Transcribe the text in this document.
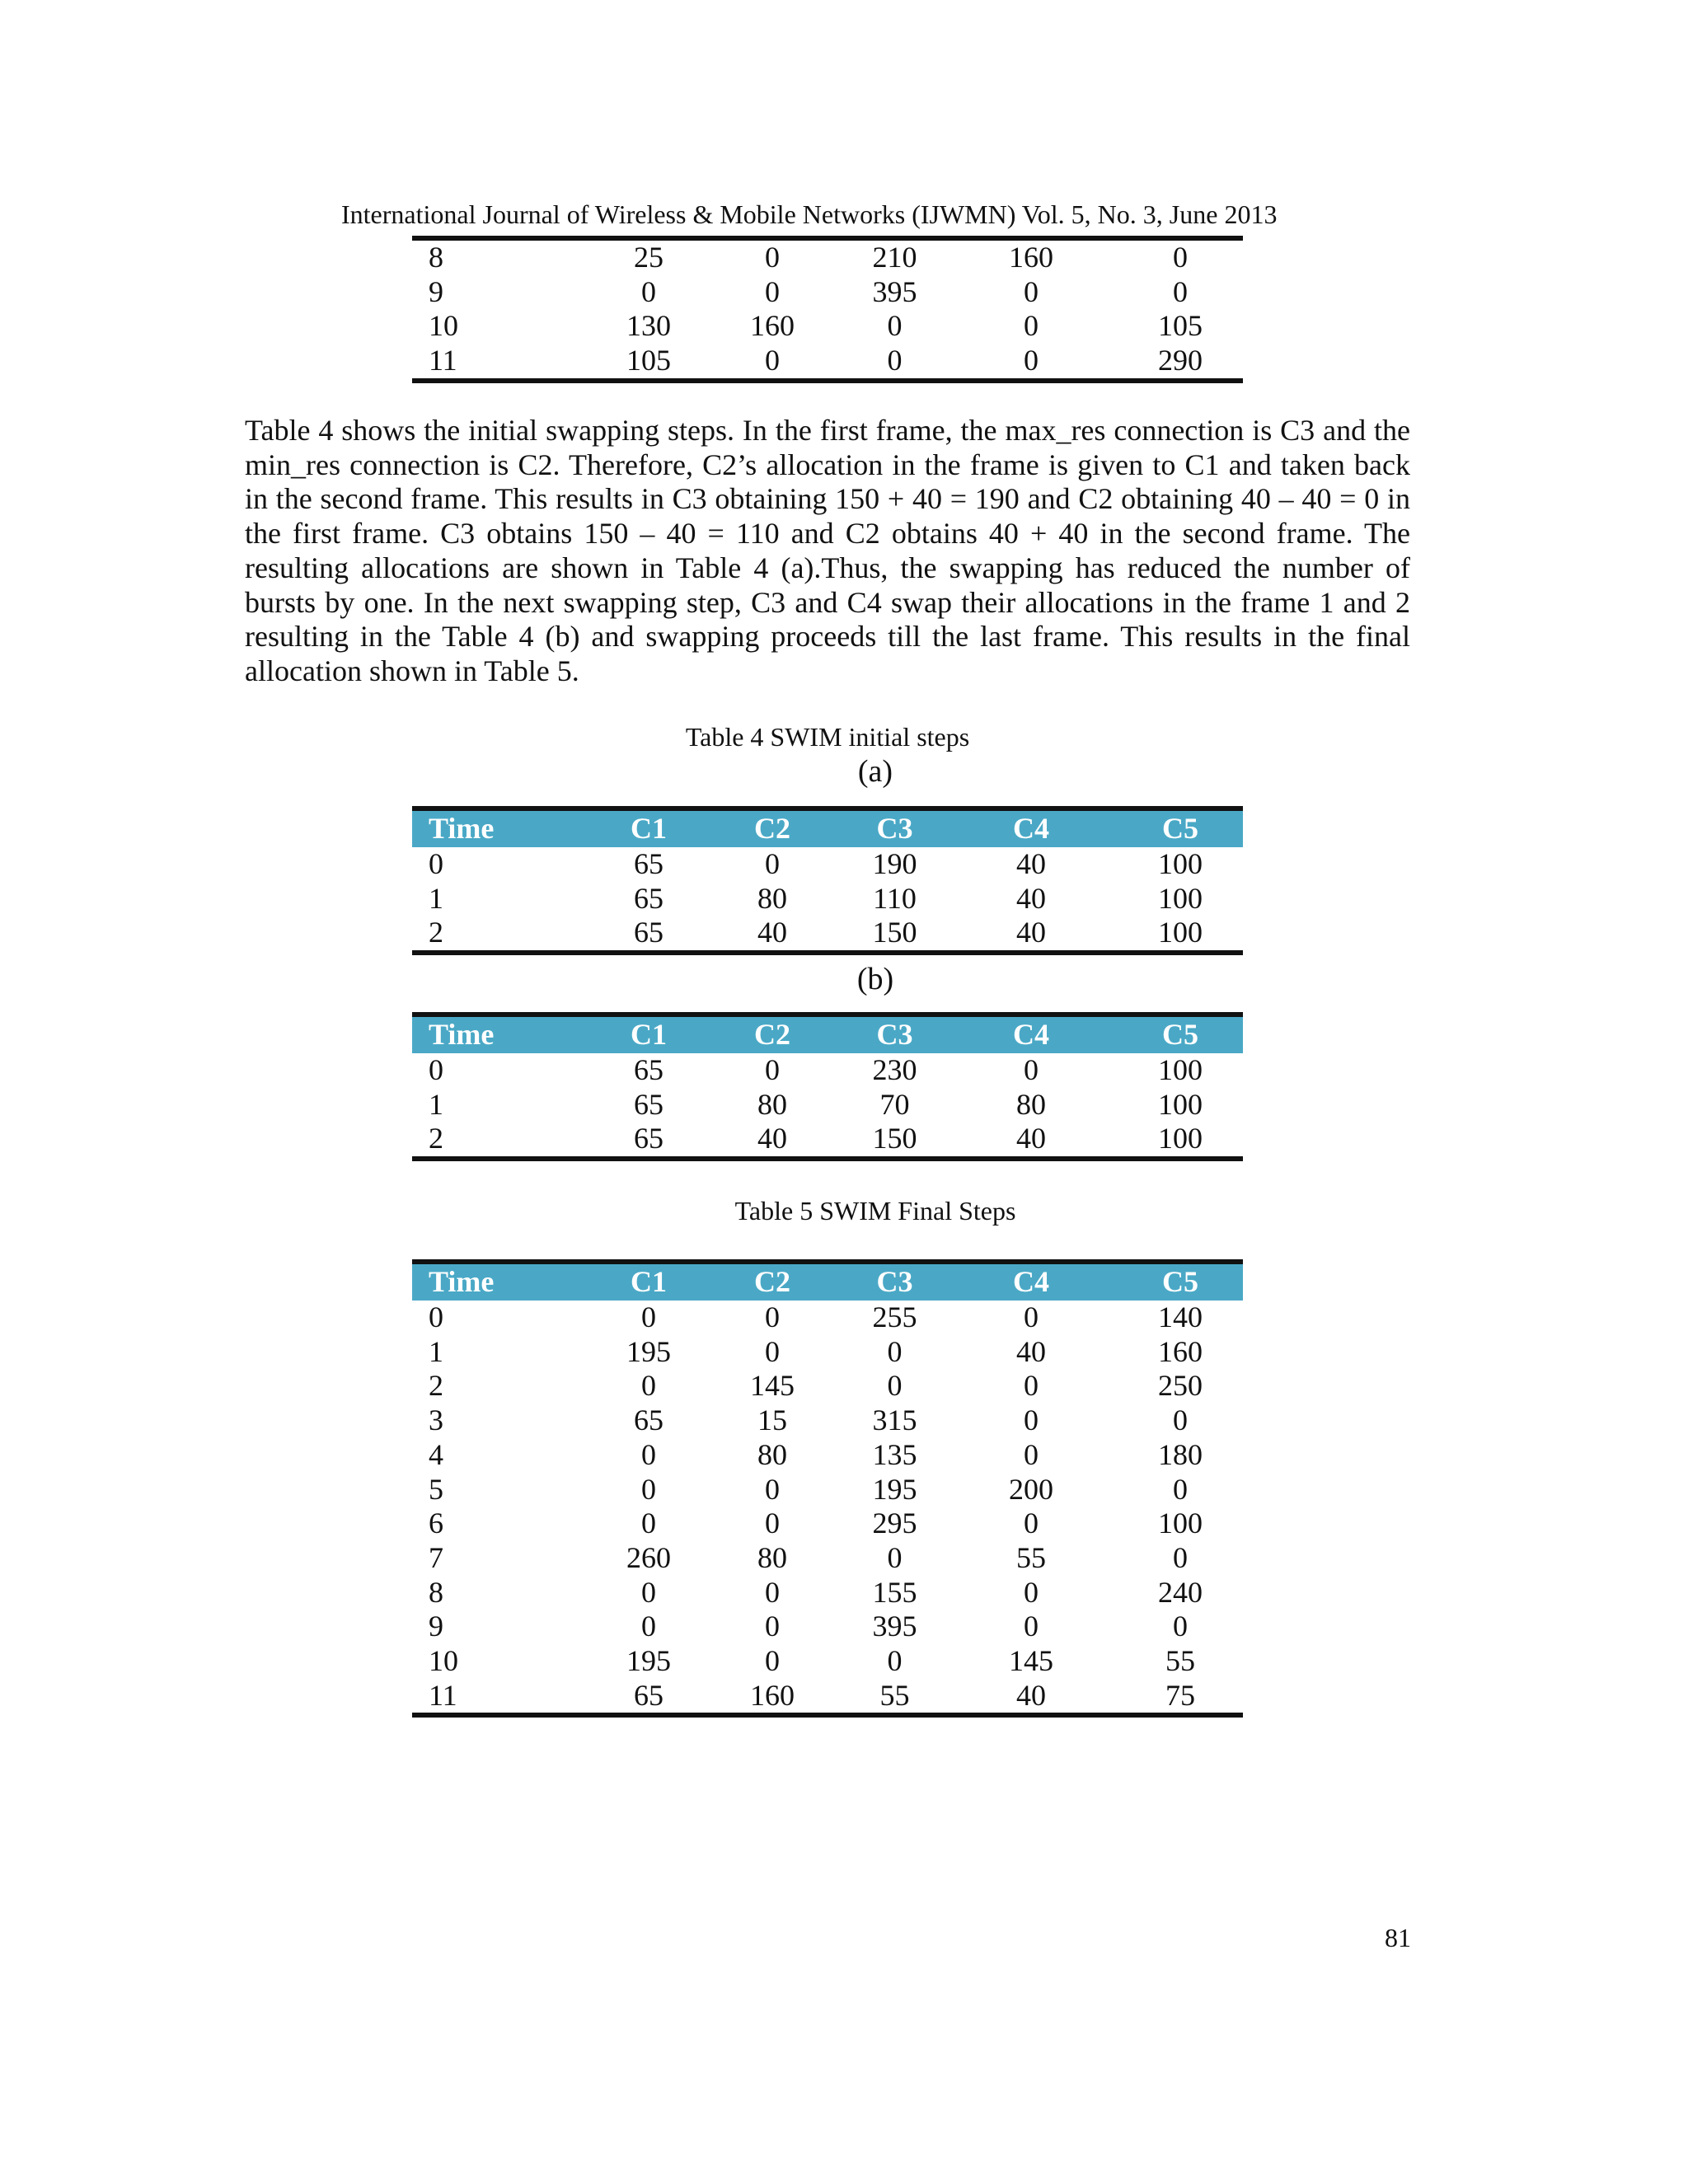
International Journal of Wireless & Mobile Networks (IJWMN) Vol. 5, No. 3, June 2013
8	25	0	210	160	0
9	0	0	395	0	0
10	130	160	0	0	105
11	105	0	0	0	290

Table 4 shows the initial swapping steps. In the first frame, the max_res connection is C3 and the min_res connection is C2. Therefore, C2’s allocation in the frame is given to C1 and taken back in the second frame. This results in C3 obtaining 150 + 40 = 190 and C2 obtaining 40 – 40 = 0 in the first frame. C3 obtains 150 – 40 = 110 and C2 obtains 40 + 40 in the second frame. The resulting allocations are shown in Table 4 (a).Thus, the swapping has reduced the number of bursts by one. In the next swapping step, C3 and C4 swap their allocations in the frame 1 and 2 resulting in the Table 4 (b) and swapping proceeds till the last frame. This results in the final allocation shown in Table 5.

Table 4 SWIM initial steps
(a)
Time	C1	C2	C3	C4	C5
0	65	0	190	40	100
1	65	80	110	40	100
2	65	40	150	40	100
(b)
Time	C1	C2	C3	C4	C5
0	65	0	230	0	100
1	65	80	70	80	100
2	65	40	150	40	100
Table 5 SWIM Final Steps
Time	C1	C2	C3	C4	C5
0	0	0	255	0	140
1	195	0	0	40	160
2	0	145	0	0	250
3	65	15	315	0	0
4	0	80	135	0	180
5	0	0	195	200	0
6	0	0	295	0	100
7	260	80	0	55	0
8	0	0	155	0	240
9	0	0	395	0	0
10	195	0	0	145	55
11	65	160	55	40	75
81
